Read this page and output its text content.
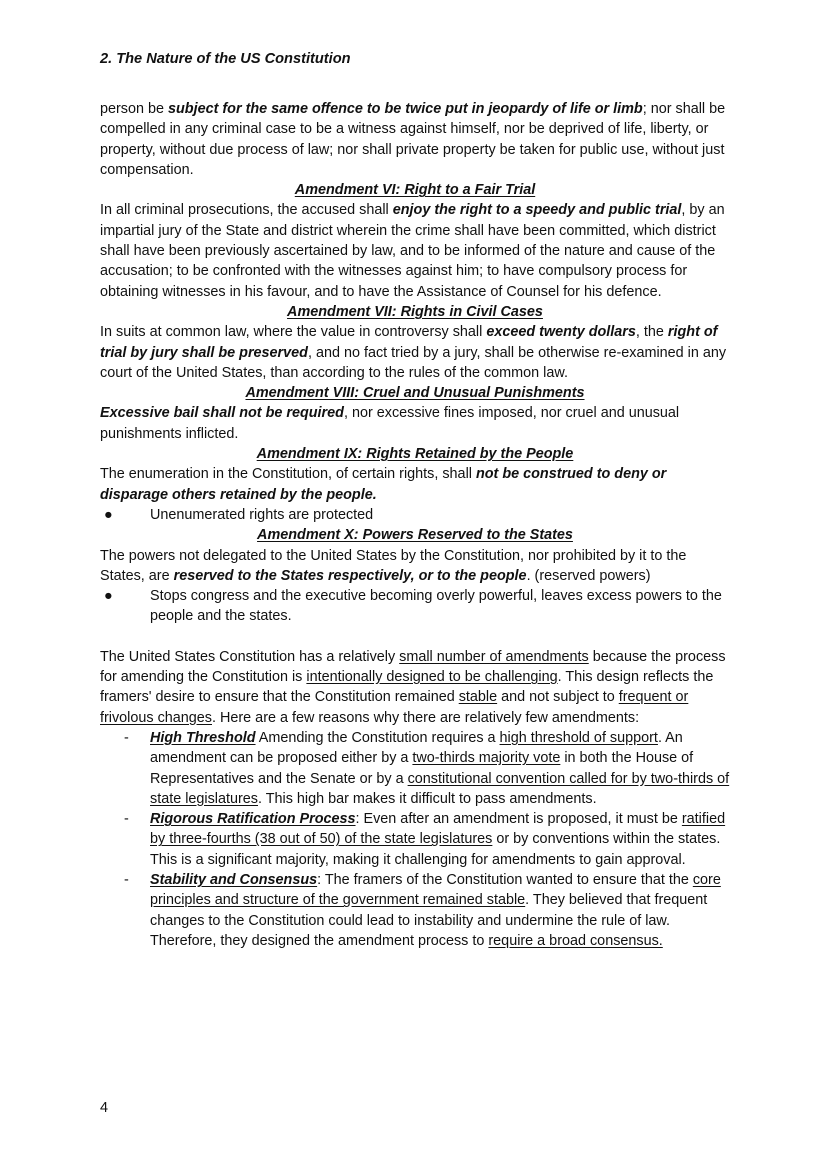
2. The Nature of the US Constitution

person be subject for the same offence to be twice put in jeopardy of life or limb; nor shall be compelled in any criminal case to be a witness against himself, nor be deprived of life, liberty, or property, without due process of law; nor shall private property be taken for public use, without just compensation.

Amendment VI: Right to a Fair Trial

In all criminal prosecutions, the accused shall enjoy the right to a speedy and public trial, by an impartial jury of the State and district wherein the crime shall have been committed, which district shall have been previously ascertained by law, and to be informed of the nature and cause of the accusation; to be confronted with the witnesses against him; to have compulsory process for obtaining witnesses in his favour, and to have the Assistance of Counsel for his defence.

Amendment VII: Rights in Civil Cases

In suits at common law, where the value in controversy shall exceed twenty dollars, the right of trial by jury shall be preserved, and no fact tried by a jury, shall be otherwise re-examined in any court of the United States, than according to the rules of the common law.

Amendment VIII: Cruel and Unusual Punishments

Excessive bail shall not be required, nor excessive fines imposed, nor cruel and unusual punishments inflicted.

Amendment IX: Rights Retained by the People

The enumeration in the Constitution, of certain rights, shall not be construed to deny or disparage others retained by the people.

●	Unenumerated rights are protected

Amendment X: Powers Reserved to the States

The powers not delegated to the United States by the Constitution, nor prohibited by it to the States, are reserved to the States respectively, or to the people. (reserved powers)

●	Stops congress and the executive becoming overly powerful, leaves excess powers to the people and the states.

The United States Constitution has a relatively small number of amendments because the process for amending the Constitution is intentionally designed to be challenging. This design reflects the framers' desire to ensure that the Constitution remained stable and not subject to frequent or frivolous changes. Here are a few reasons why there are relatively few amendments:

- High Threshold Amending the Constitution requires a high threshold of support. An amendment can be proposed either by a two-thirds majority vote in both the House of Representatives and the Senate or by a constitutional convention called for by two-thirds of state legislatures. This high bar makes it difficult to pass amendments.
- Rigorous Ratification Process: Even after an amendment is proposed, it must be ratified by three-fourths (38 out of 50) of the state legislatures or by conventions within the states. This is a significant majority, making it challenging for amendments to gain approval.
- Stability and Consensus: The framers of the Constitution wanted to ensure that the core principles and structure of the government remained stable. They believed that frequent changes to the Constitution could lead to instability and undermine the rule of law. Therefore, they designed the amendment process to require a broad consensus.
4
